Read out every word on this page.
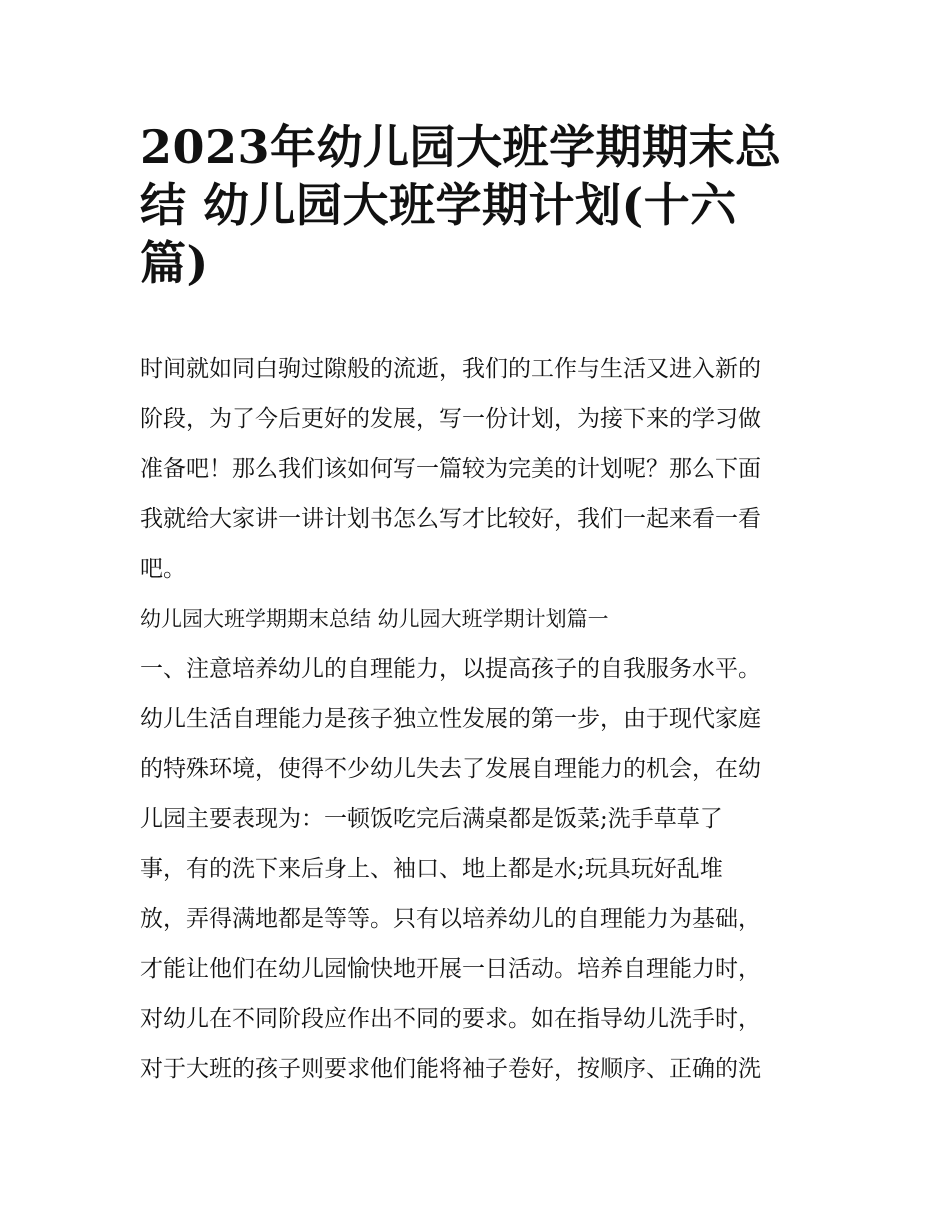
2023年幼儿园大班学期期末总
结 幼儿园大班学期计划(十六
篇)
时间就如同白驹过隙般的流逝，我们的工作与生活又进入新的
阶段，为了今后更好的发展，写一份计划，为接下来的学习做
准备吧！那么我们该如何写一篇较为完美的计划呢？那么下面
我就给大家讲一讲计划书怎么写才比较好，我们一起来看一看
吧。
幼儿园大班学期期末总结 幼儿园大班学期计划篇一
一、注意培养幼儿的自理能力，以提高孩子的自我服务水平。
幼儿生活自理能力是孩子独立性发展的第一步，由于现代家庭
的特殊环境，使得不少幼儿失去了发展自理能力的机会，在幼
儿园主要表现为：一顿饭吃完后满桌都是饭菜;洗手草草了
事，有的洗下来后身上、袖口、地上都是水;玩具玩好乱堆
放，弄得满地都是等等。只有以培养幼儿的自理能力为基础，
才能让他们在幼儿园愉快地开展一日活动。培养自理能力时，
对幼儿在不同阶段应作出不同的要求。如在指导幼儿洗手时，
对于大班的孩子则要求他们能将袖子卷好，按顺序、正确的洗
